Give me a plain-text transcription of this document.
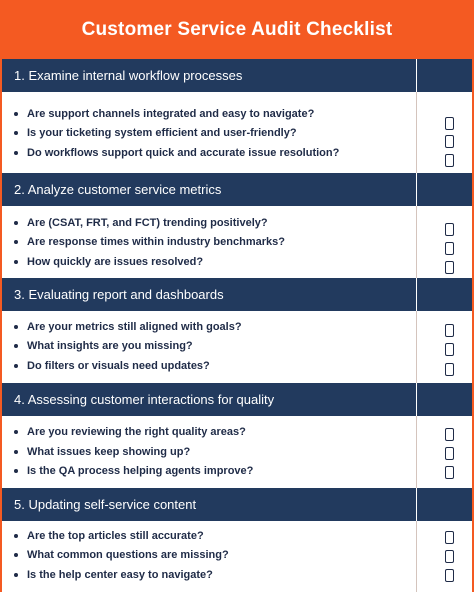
Customer Service Audit Checklist
1. Examine internal workflow processes
Are support channels integrated and easy to navigate?
Is your ticketing system efficient and user-friendly?
Do workflows support quick and accurate issue resolution?
2. Analyze customer service metrics
Are (CSAT, FRT, and FCT) trending positively?
Are response times within industry benchmarks?
How quickly are issues resolved?
3. Evaluating report and dashboards
Are your metrics still aligned with goals?
What insights are you missing?
Do filters or visuals need updates?
4. Assessing customer interactions for quality
Are you reviewing the right quality areas?
What issues keep showing up?
Is the QA process helping agents improve?
5. Updating self-service content
Are the top articles still accurate?
What common questions are missing?
Is the help center easy to navigate?
